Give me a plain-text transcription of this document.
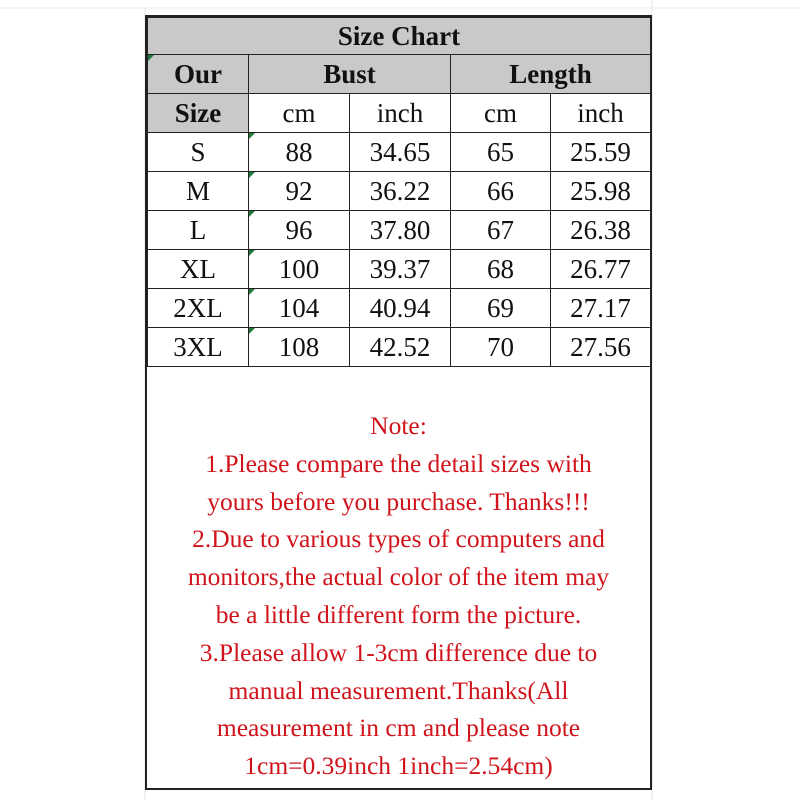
Size Chart				
Our	Bust		Length	
Size	cm	inch	cm	inch
S	88	34.65	65	25.59
M	92	36.22	66	25.98
L	96	37.80	67	26.38
XL	100	39.37	68	26.77
2XL	104	40.94	69	27.17
3XL	108	42.52	70	27.56
Note:
1.Please compare the detail sizes with
yours before you purchase. Thanks!!!
2.Due to various types of computers and
monitors,the actual color of the item may
be a little different form the picture.
3.Please allow 1-3cm difference due to
manual measurement.Thanks(All
measurement in cm and please note
1cm=0.39inch 1inch=2.54cm)
